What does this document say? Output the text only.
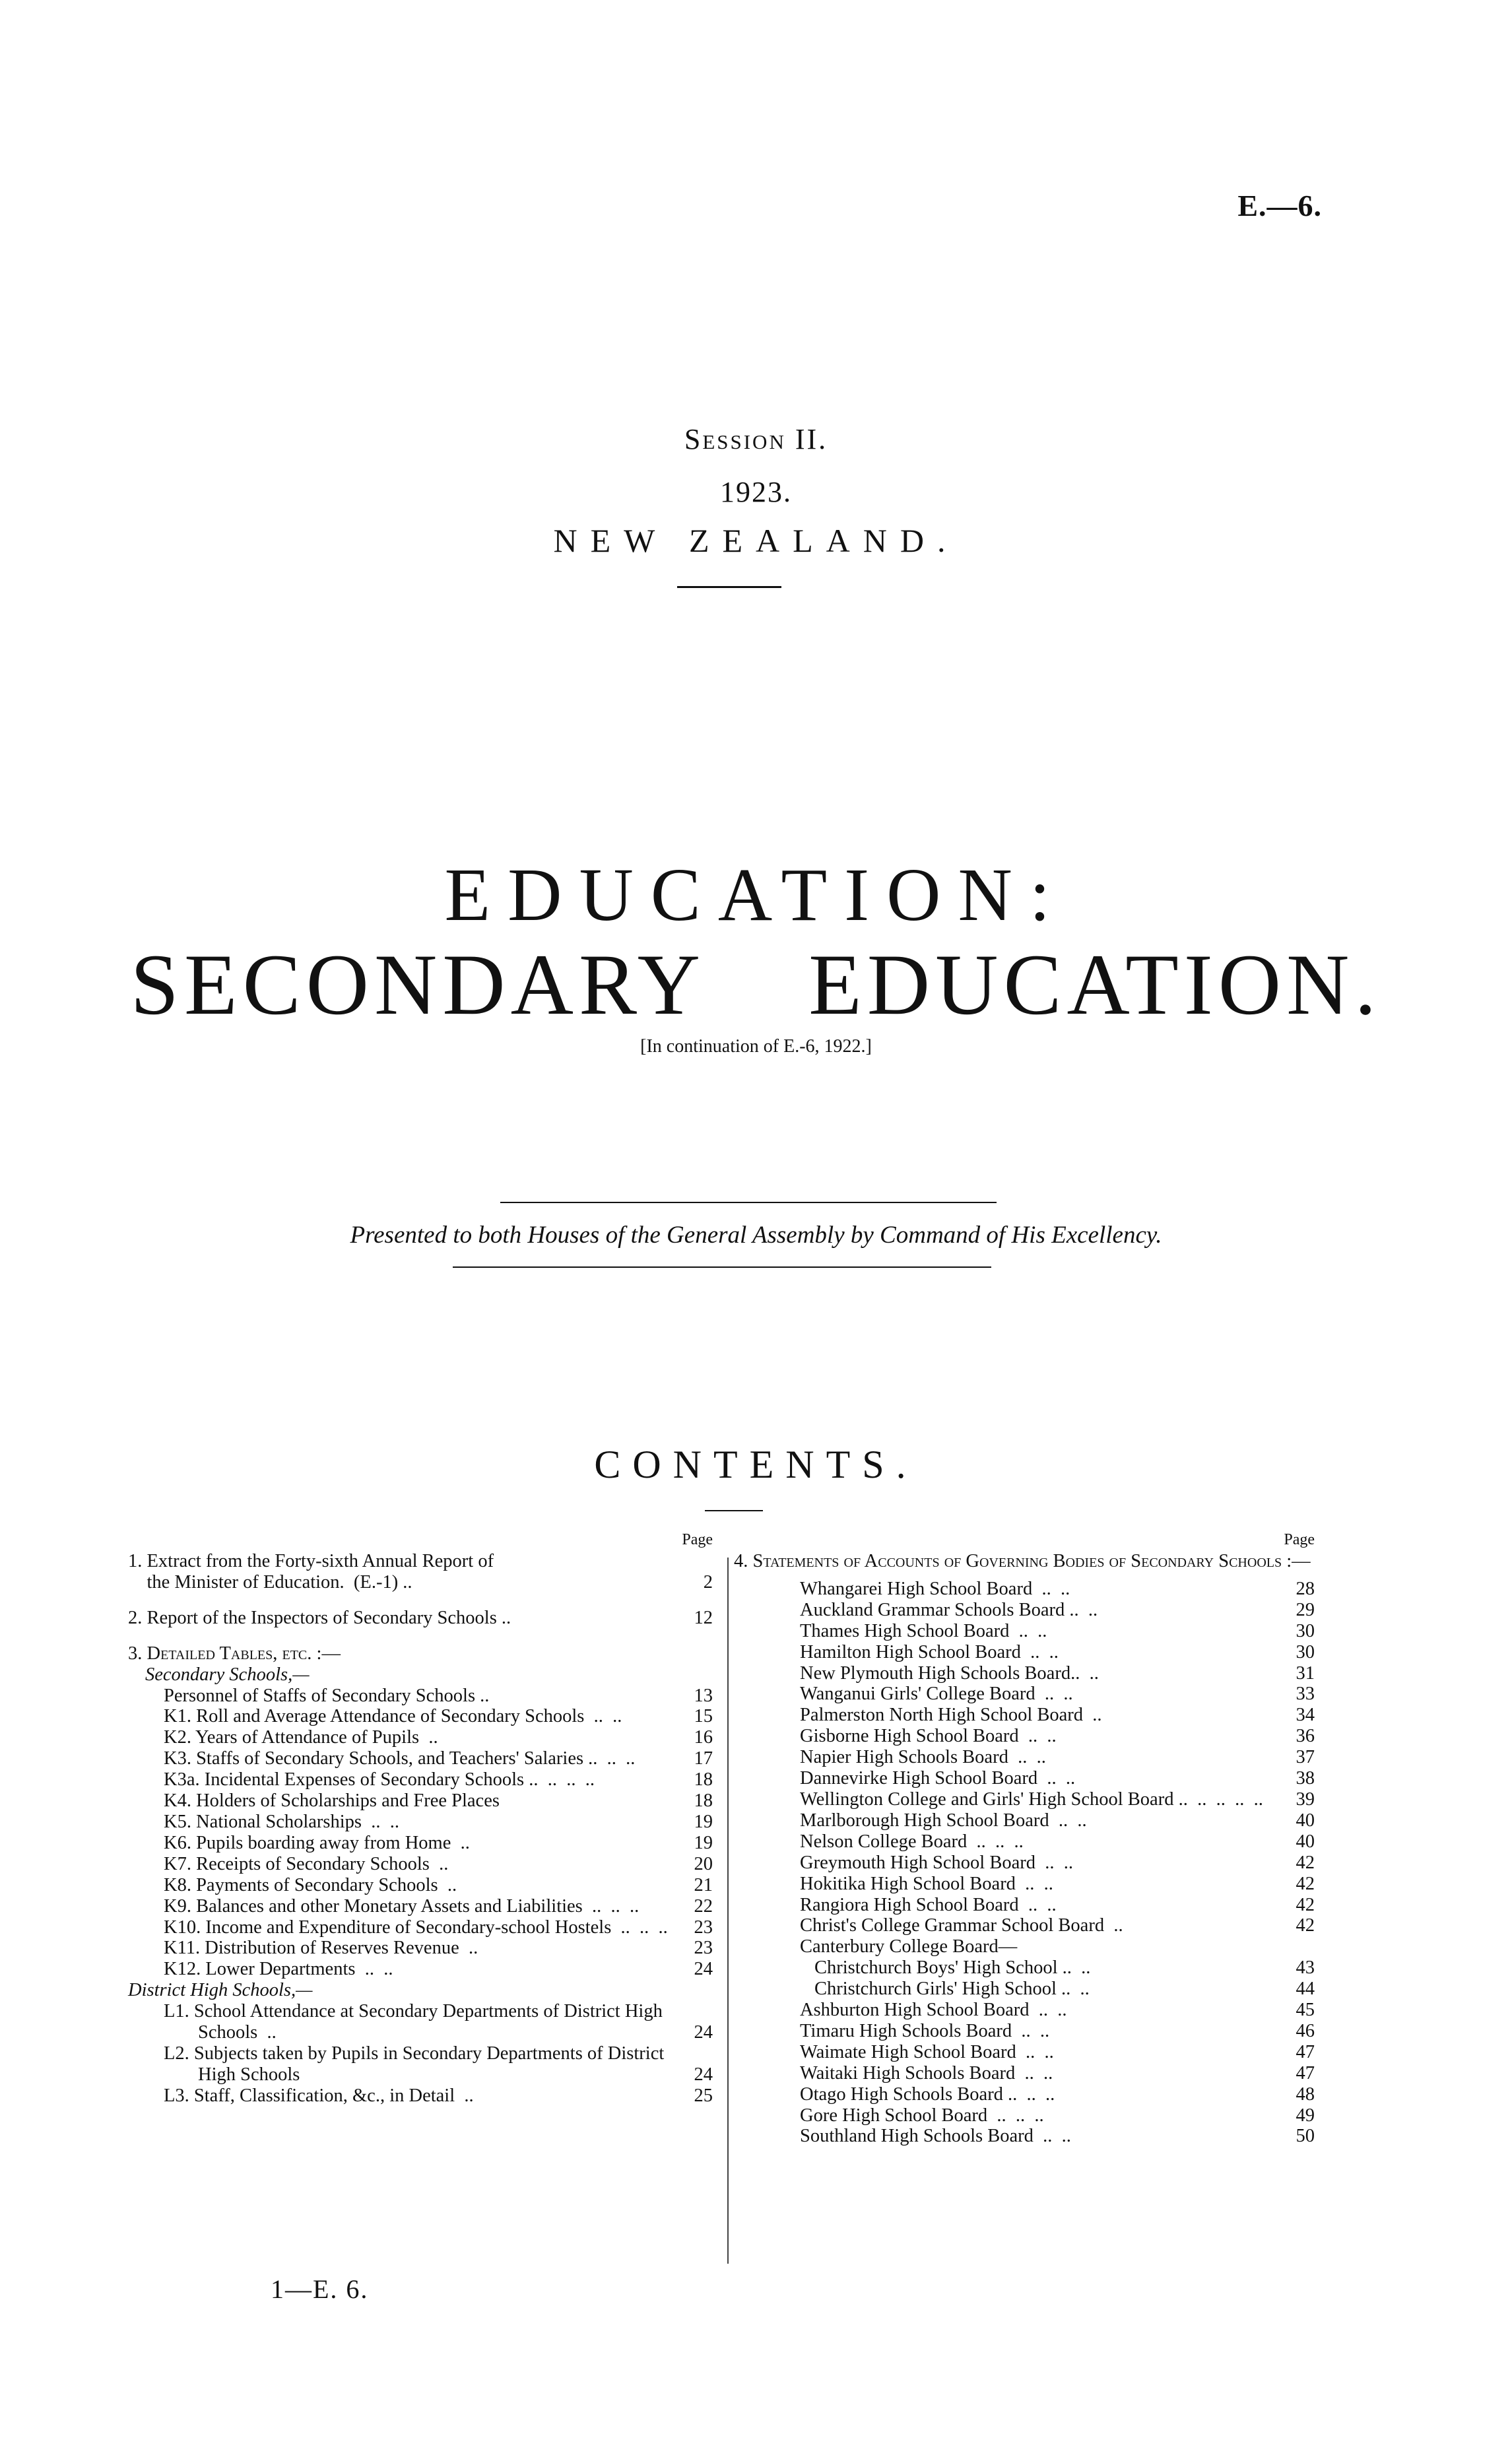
E.—6.
Session II.
1923.
NEW ZEALAND.
EDUCATION:
SECONDARY EDUCATION.
[In continuation of E.-6, 1922.]
Presented to both Houses of the General Assembly by Command of His Excellency.
CONTENTS.
Page
1. Extract from the Forty-sixth Annual Report of
the Minister of Education.  (E.-1) ..	2
2. Report of the Inspectors of Secondary Schools ..	12
3. Detailed Tables, etc. :—
Secondary Schools,—
Personnel of Staffs of Secondary Schools ..	13
K1. Roll and Average Attendance of Secondary Schools  ..  ..	15
K2. Years of Attendance of Pupils  ..	16
K3. Staffs of Secondary Schools, and Teachers' Salaries ..  ..  ..	17
K3a. Incidental Expenses of Secondary Schools ..  ..  ..  ..	18
K4. Holders of Scholarships and Free Places	18
K5. National Scholarships  ..  ..	19
K6. Pupils boarding away from Home  ..	19
K7. Receipts of Secondary Schools  ..	20
K8. Payments of Secondary Schools  ..	21
K9. Balances and other Monetary Assets and Liabilities  ..  ..  ..	22
K10. Income and Expenditure of Secondary-school Hostels  ..  ..  ..	23
K11. Distribution of Reserves Revenue  ..	23
K12. Lower Departments  ..  ..	24
District High Schools,—
L1. School Attendance at Secondary Departments of District High Schools  ..	24
L2. Subjects taken by Pupils in Secondary Departments of District High Schools	24
L3. Staff, Classification, &c., in Detail  ..	25
Page
4. Statements of Accounts of Governing Bodies of Secondary Schools :—
Whangarei High School Board  ..  ..	28
Auckland Grammar Schools Board ..  ..	29
Thames High School Board  ..  ..	30
Hamilton High School Board  ..  ..	30
New Plymouth High Schools Board..  ..	31
Wanganui Girls' College Board  ..  ..	33
Palmerston North High School Board  ..	34
Gisborne High School Board  ..  ..	36
Napier High Schools Board  ..  ..	37
Dannevirke High School Board  ..  ..	38
Wellington College and Girls' High School Board ..  ..  ..  ..  ..	39
Marlborough High School Board  ..  ..	40
Nelson College Board  ..  ..  ..	40
Greymouth High School Board  ..  ..	42
Hokitika High School Board  ..  ..	42
Rangiora High School Board  ..  ..	42
Christ's College Grammar School Board  ..	42
Canterbury College Board—
Christchurch Boys' High School ..  ..	43
Christchurch Girls' High School ..  ..	44
Ashburton High School Board  ..  ..	45
Timaru High Schools Board  ..  ..	46
Waimate High School Board  ..  ..	47
Waitaki High Schools Board  ..  ..	47
Otago High Schools Board ..  ..  ..	48
Gore High School Board  ..  ..  ..	49
Southland High Schools Board  ..  ..	50
1—E. 6.
